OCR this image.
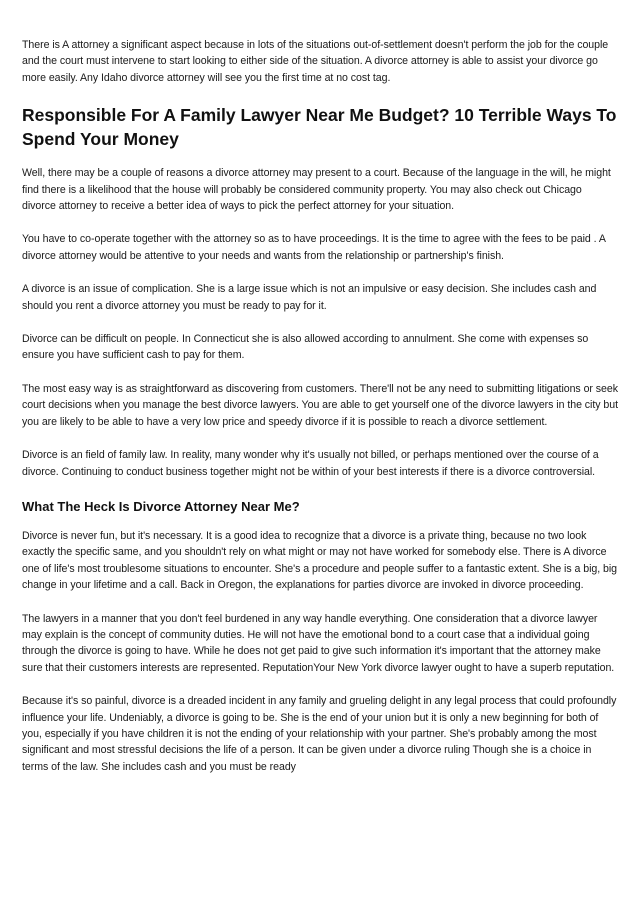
There is A attorney a significant aspect because in lots of the situations out-of-settlement doesn't perform the job for the couple and the court must intervene to start looking to either side of the situation. A divorce attorney is able to assist your divorce go more easily. Any Idaho divorce attorney will see you the first time at no cost tag.

Responsible For A Family Lawyer Near Me Budget? 10 Terrible Ways To Spend Your Money

Well, there may be a couple of reasons a divorce attorney may present to a court. Because of the language in the will, he might find there is a likelihood that the house will probably be considered community property. You may also check out Chicago divorce attorney to receive a better idea of ways to pick the perfect attorney for your situation.

You have to co-operate together with the attorney so as to have proceedings. It is the time to agree with the fees to be paid . A divorce attorney would be attentive to your needs and wants from the relationship or partnership's finish.

A divorce is an issue of complication. She is a large issue which is not an impulsive or easy decision. She includes cash and should you rent a divorce attorney you must be ready to pay for it.

Divorce can be difficult on people. In Connecticut she is also allowed according to annulment. She come with expenses so ensure you have sufficient cash to pay for them.

The most easy way is as straightforward as discovering from customers. There'll not be any need to submitting litigations or seek court decisions when you manage the best divorce lawyers. You are able to get yourself one of the divorce lawyers in the city but you are likely to be able to have a very low price and speedy divorce if it is possible to reach a divorce settlement.

Divorce is an field of family law. In reality, many wonder why it's usually not billed, or perhaps mentioned over the course of a divorce. Continuing to conduct business together might not be within of your best interests if there is a divorce controversial.

What The Heck Is Divorce Attorney Near Me?

Divorce is never fun, but it's necessary. It is a good idea to recognize that a divorce is a private thing, because no two look exactly the specific same, and you shouldn't rely on what might or may not have worked for somebody else. There is A divorce one of life's most troublesome situations to encounter. She's a procedure and people suffer to a fantastic extent. She is a big, big change in your lifetime and a call. Back in Oregon, the explanations for parties divorce are invoked in divorce proceeding.

The lawyers in a manner that you don't feel burdened in any way handle everything. One consideration that a divorce lawyer may explain is the concept of community duties. He will not have the emotional bond to a court case that a individual going through the divorce is going to have. While he does not get paid to give such information it's important that the attorney make sure that their customers interests are represented. ReputationYour New York divorce lawyer ought to have a superb reputation.

Because it's so painful, divorce is a dreaded incident in any family and grueling delight in any legal process that could profoundly influence your life. Undeniably, a divorce is going to be. She is the end of your union but it is only a new beginning for both of you, especially if you have children it is not the ending of your relationship with your partner. She's probably among the most significant and most stressful decisions the life of a person. It can be given under a divorce ruling Though she is a choice in terms of the law. She includes cash and you must be ready
